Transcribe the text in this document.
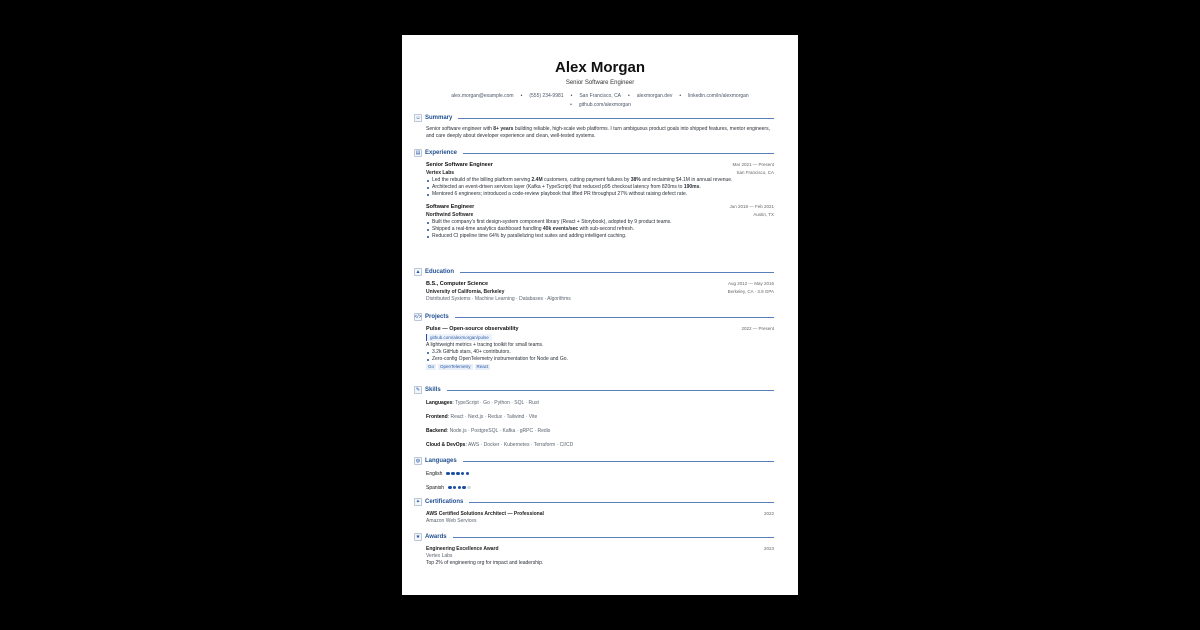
Alex Morgan
Senior Software Engineer
alex.morgan@example.com • (555) 234-9981 • San Francisco, CA • alexmorgan.dev • linkedin.com/in/alexmorgan
• github.com/alexmorgan
☺ Summary
Senior software engineer with 8+ years building reliable, high-scale web platforms. I turn ambiguous product goals into shipped features, mentor engineers, and care deeply about developer experience and clean, well-tested systems.
▤ Experience
Senior Software Engineer	Mar 2021 — Present
Vertex Labs	San Francisco, CA
Led the rebuild of the billing platform serving 2.4M customers, cutting payment failures by 38% and reclaiming $4.1M in annual revenue.
Architected an event-driven services layer (Kafka + TypeScript) that reduced p95 checkout latency from 820ms to 190ms.
Mentored 6 engineers; introduced a code-review playbook that lifted PR throughput 27% without raising defect rate.
Software Engineer	Jun 2018 — Feb 2021
Northwind Software	Austin, TX
Built the company's first design-system component library (React + Storybook), adopted by 9 product teams.
Shipped a real-time analytics dashboard handling 40k events/sec with sub-second refresh.
Reduced CI pipeline time 64% by parallelizing test suites and adding intelligent caching.
▲ Education
B.S., Computer Science	Aug 2012 — May 2016
University of California, Berkeley	Berkeley, CA · 3.8 GPA
Distributed Systems · Machine Learning · Databases · Algorithms
</> Projects
Pulse — Open-source observability	2022 — Present
github.com/alexmorgan/pulse
A lightweight metrics + tracing toolkit for small teams.
3.2k GitHub stars, 40+ contributors.
Zero-config OpenTelemetry instrumentation for Node and Go.
Go OpenTelemetry React
✎ Skills
Languages: TypeScript · Go · Python · SQL · Rust
Frontend: React · Next.js · Redux · Tailwind · Vite
Backend: Node.js · PostgreSQL · Kafka · gRPC · Redis
Cloud & DevOps: AWS · Docker · Kubernetes · Terraform · CI/CD
◍ Languages
English
Spanish
✦ Certifications
AWS Certified Solutions Architect — Professional	2022
Amazon Web Services
★ Awards
Engineering Excellence Award	2023
Vertex Labs
Top 2% of engineering org for impact and leadership.
